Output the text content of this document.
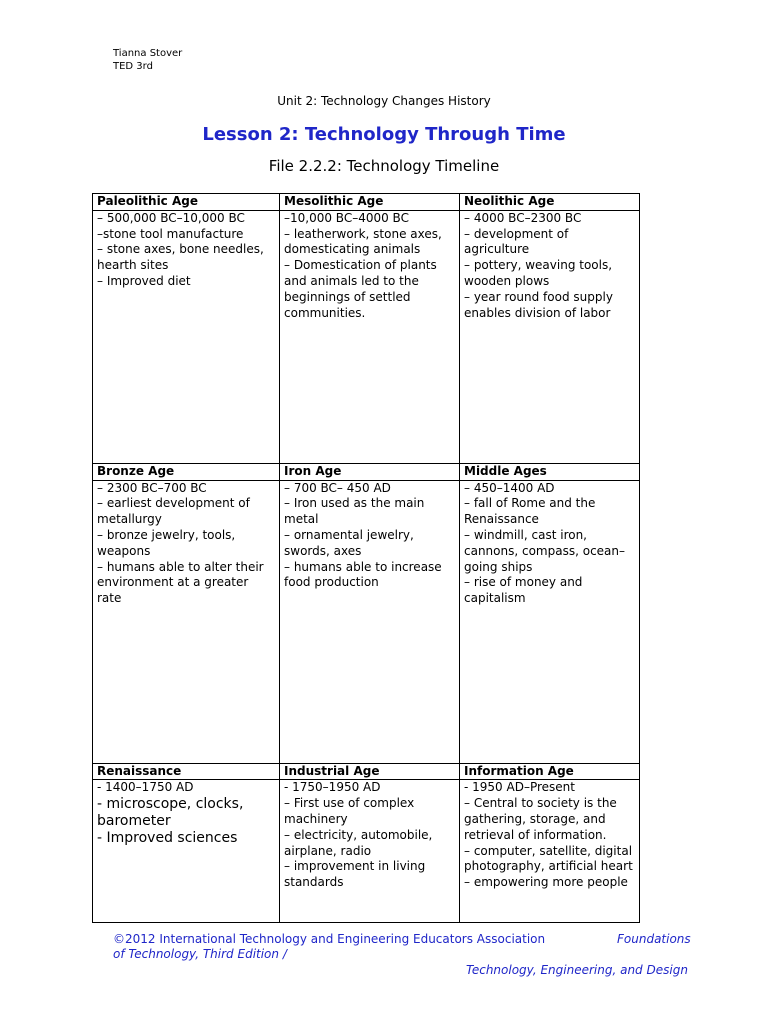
Tianna Stover
TED 3rd
Unit 2: Technology Changes History
Lesson 2: Technology Through Time
File 2.2.2: Technology Timeline
Paleolithic Age	Mesolithic Age	Neolithic Age

– 500,000 BC–10,000 BC
–stone tool manufacture
– stone axes, bone needles, hearth sites
– Improved diet	–10,000 BC–4000 BC
– leatherwork, stone axes, domesticating animals
– Domestication of plants and animals led to the beginnings of settled communities.	– 4000 BC–2300 BC
– development of agriculture
– pottery, weaving tools, wooden plows
– year round food supply enables division of labor

Bronze Age	Iron Age	Middle Ages

– 2300 BC–700 BC
– earliest development of metallurgy
– bronze jewelry, tools, weapons
– humans able to alter their environment at a greater rate	– 700 BC– 450 AD
– Iron used as the main metal
– ornamental jewelry, swords, axes
– humans able to increase food production	– 450–1400 AD
– fall of Rome and the Renaissance
– windmill, cast iron, cannons, compass, ocean–going ships
– rise of money and capitalism

Renaissance	Industrial Age	Information Age

- 1400–1750 AD
- microscope, clocks, barometer
- Improved sciences	- 1750–1950 AD
– First use of complex machinery
– electricity, automobile, airplane, radio
– improvement in living standards	- 1950 AD–Present
– Central to society is the gathering, storage, and retrieval of information.
– computer, satellite, digital photography, artificial heart
– empowering more people
©2012 International Technology and Engineering Educators Association	Foundations
of Technology, Third Edition /
Technology, Engineering, and Design
